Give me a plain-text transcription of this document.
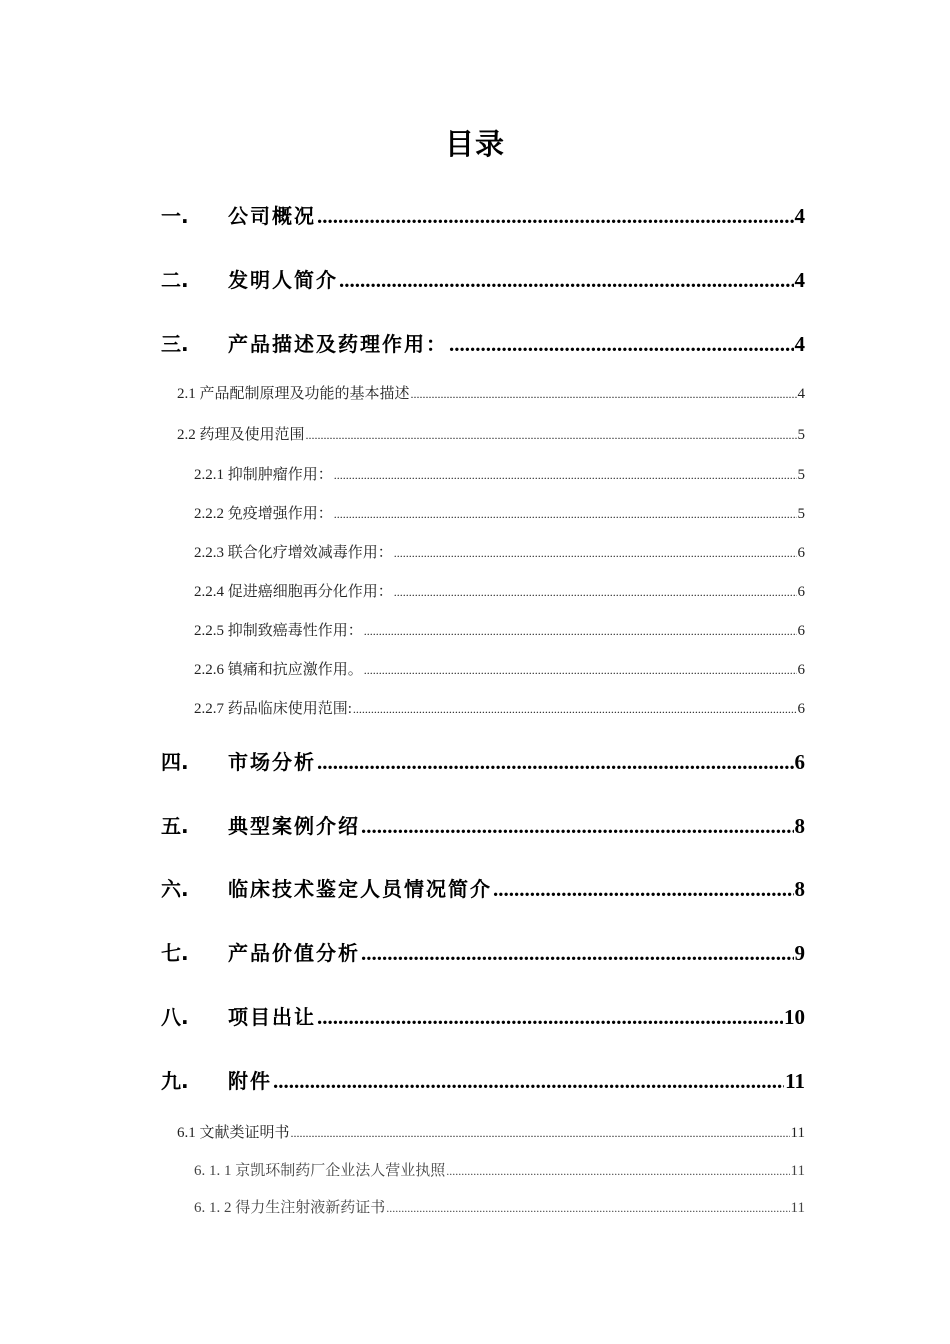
目录
一.	公司概况 .....	4
二.	发明人简介 .....	4
三.	产品描述及药理作用： .....	4
2.1 产品配制原理及功能的基本描述 .....	4
2.2 药理及使用范围 .....	5
2.2.1 抑制肿瘤作用： .....	5
2.2.2 免疫增强作用： .....	5
2.2.3 联合化疗增效减毒作用： .....	6
2.2.4 促进癌细胞再分化作用： .....	6
2.2.5 抑制致癌毒性作用： .....	6
2.2.6 镇痛和抗应激作用。 .....	6
2.2.7 药品临床使用范围: .....	6
四.	市场分析 .....	6
五.	典型案例介绍 .....	8
六.	临床技术鉴定人员情况简介 .....	8
七.	产品价值分析 .....	9
八.	项目出让 .....	10
九.	附件 .....	11
6.1 文献类证明书 .....	11
6. 1. 1 京凯环制药厂企业法人营业执照 .....	11
6. 1. 2 得力生注射液新药证书 .....	11
